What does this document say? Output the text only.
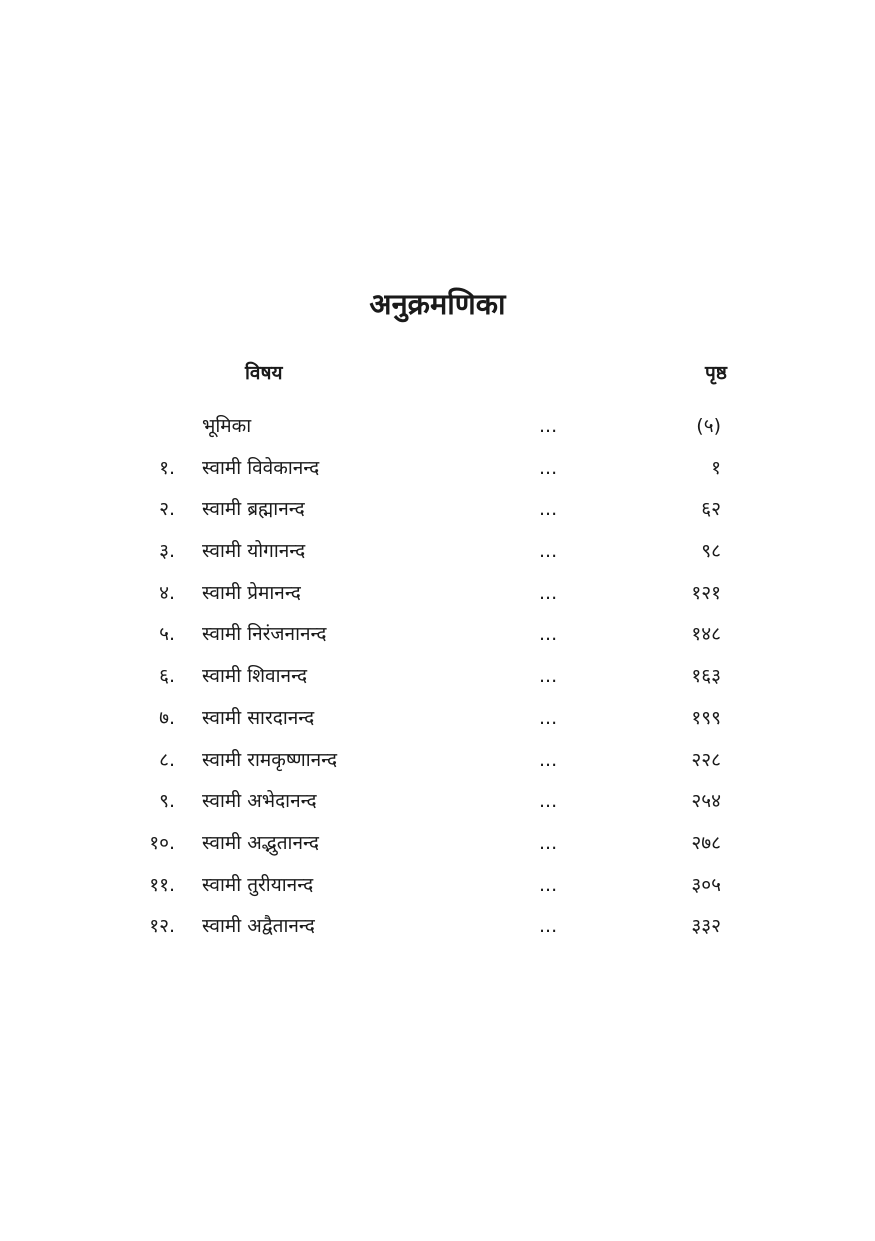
अनुक्रमणिका
विषय	पृष्ठ
भूमिका	...	(५)
१. स्वामी विवेकानन्द	...	१
२. स्वामी ब्रह्मानन्द	...	६२
३. स्वामी योगानन्द	...	९८
४. स्वामी प्रेमानन्द	...	१२१
५. स्वामी निरंजनानन्द	...	१४८
६. स्वामी शिवानन्द	...	१६३
७. स्वामी सारदानन्द	...	१९९
८. स्वामी रामकृष्णानन्द	...	२२८
९. स्वामी अभेदानन्द	...	२५४
१०. स्वामी अद्भुतानन्द	...	२७८
११. स्वामी तुरीयानन्द	...	३०५
१२. स्वामी अद्वैतानन्द	...	३३२
